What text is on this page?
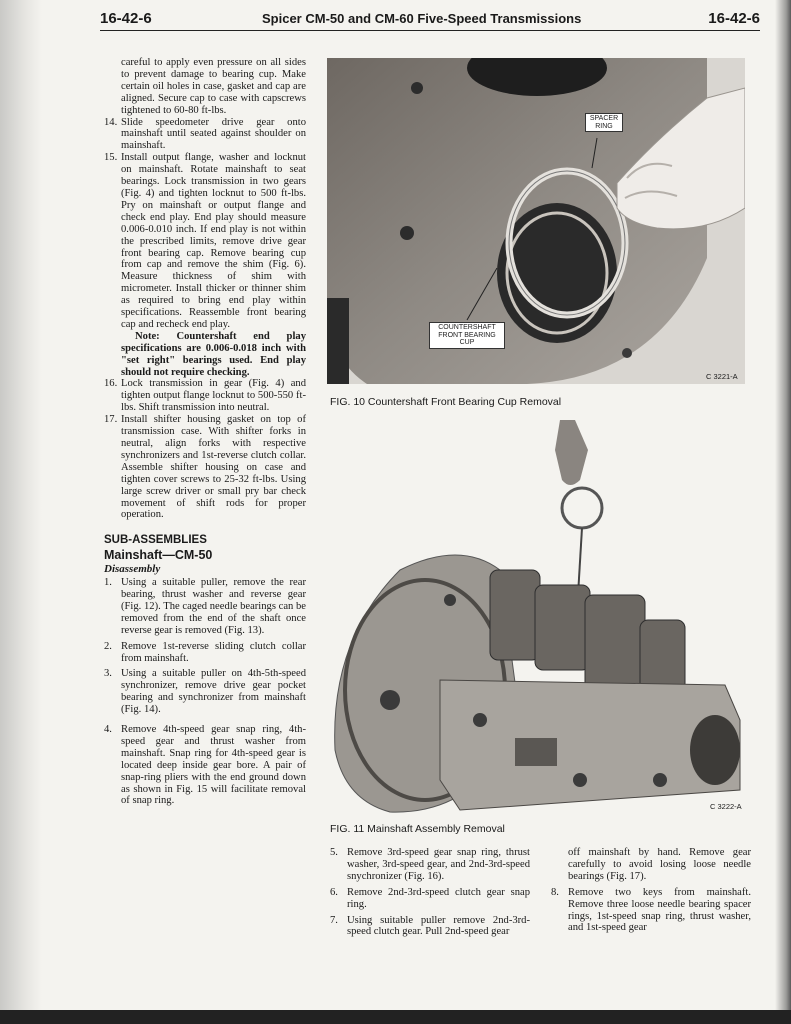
16-42-6	Spicer CM-50 and CM-60 Five-Speed Transmissions	16-42-6

careful to apply even pressure on all sides to prevent damage to bearing cup. Make certain oil holes in case, gasket and cap are aligned. Secure cap to case with capscrews tightened to 60-80 ft-lbs.

14. Slide speedometer drive gear onto mainshaft until seated against shoulder on mainshaft.

15. Install output flange, washer and locknut on mainshaft. Rotate mainshaft to seat bearings. Lock transmission in two gears (Fig. 4) and tighten locknut to 500 ft-lbs. Pry on mainshaft or output flange and check end play. End play should measure 0.006-0.010 inch. If end play is not within the prescribed limits, remove drive gear front bearing cap. Remove bearing cup from cap and remove the shim (Fig. 6). Measure thickness of shim with micrometer. Install thicker or thinner shim as required to bring end play within specifications. Reassemble front bearing cap and recheck end play.

Note: Countershaft end play specifications are 0.006-0.018 inch with "set right" bearings used. End play should not require checking.

16. Lock transmission in gear (Fig. 4) and tighten output flange locknut to 500-550 ft-lbs. Shift transmission into neutral.

17. Install shifter housing gasket on top of transmission case. With shifter forks in neutral, align forks with respective synchronizers and 1st-reverse clutch collar. Assemble shifter housing on case and tighten cover screws to 25-32 ft-lbs. Using large screw driver or small pry bar check movement of shift rods for proper operation.

SUB-ASSEMBLIES
Mainshaft—CM-50
Disassembly

1. Using a suitable puller, remove the rear bearing, thrust washer and reverse gear (Fig. 12). The caged needle bearings can be removed from the end of the shaft once reverse gear is removed (Fig. 13).

2. Remove 1st-reverse sliding clutch collar from mainshaft.

3. Using a suitable puller on 4th-5th-speed synchronizer, remove drive gear pocket bearing and synchronizer from mainshaft (Fig. 14).

4. Remove 4th-speed gear snap ring, 4th-speed gear and thrust washer from mainshaft. Snap ring for 4th-speed gear is located deep inside gear bore. A pair of snap-ring pliers with the end ground down as shown in Fig. 15 will facilitate removal of snap ring.

SPACER RING
COUNTERSHAFT FRONT BEARING CUP
C 3221-A
FIG. 10 Countershaft Front Bearing Cup Removal
C 3222-A
FIG. 11 Mainshaft Assembly Removal

5. Remove 3rd-speed gear snap ring, thrust washer, 3rd-speed gear, and 2nd-3rd-speed snychronizer (Fig. 16).

6. Remove 2nd-3rd-speed clutch gear snap ring.

7. Using suitable puller remove 2nd-3rd-speed clutch gear. Pull 2nd-speed gear

off mainshaft by hand. Remove gear carefully to avoid losing loose needle bearings (Fig. 17).

8. Remove two keys from mainshaft. Remove three loose needle bearing spacer rings, 1st-speed snap ring, thrust washer, and 1st-speed gear
